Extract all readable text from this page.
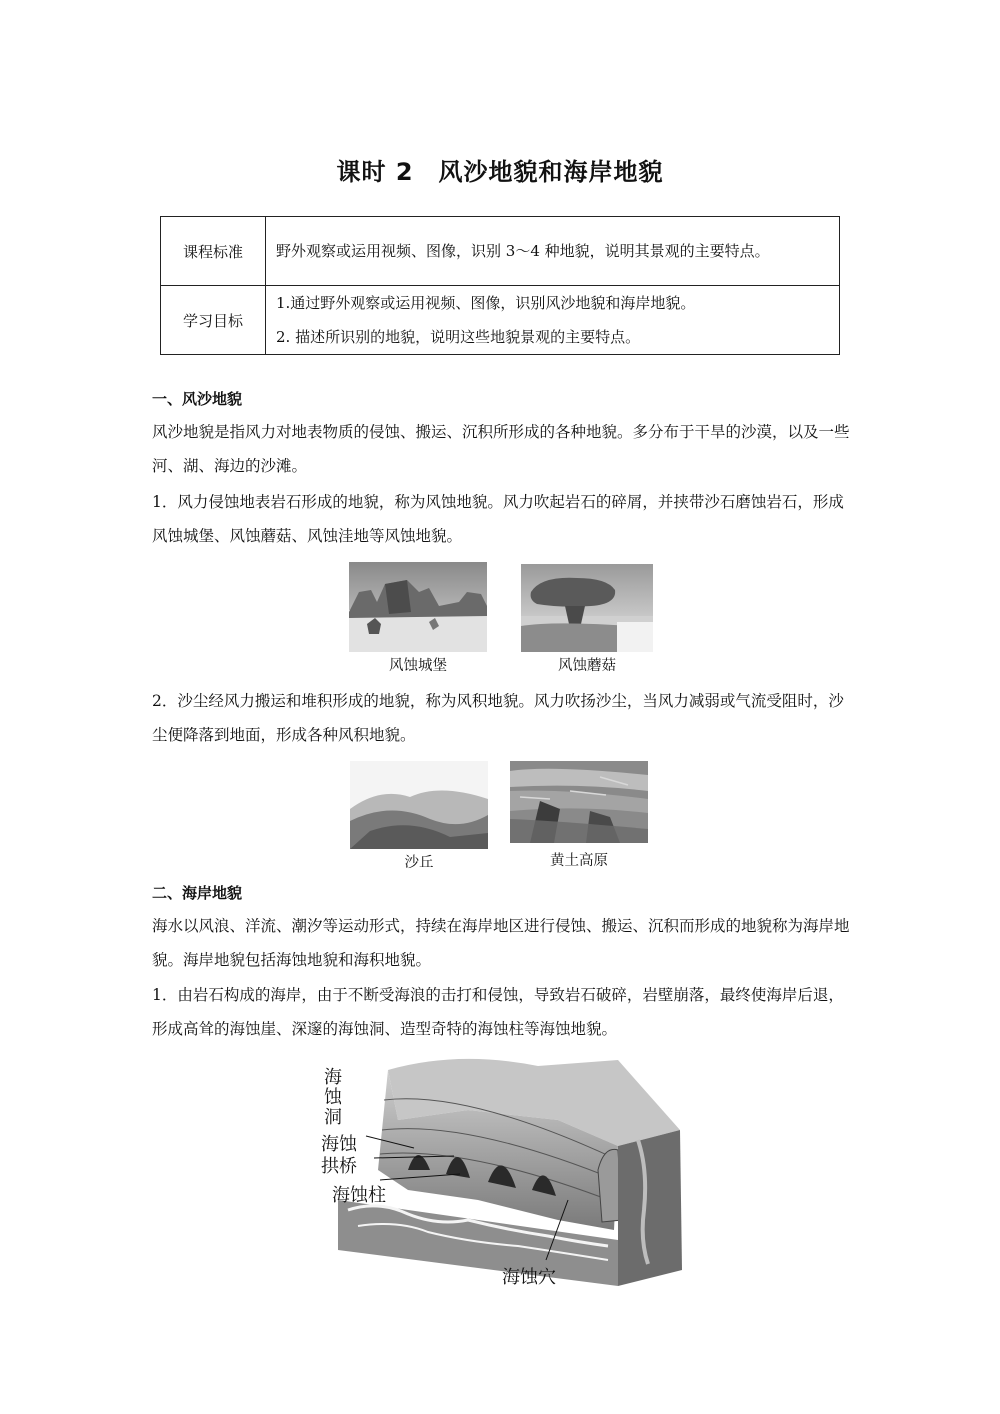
课时 2　风沙地貌和海岸地貌
课程标准	野外观察或运用视频、图像，识别 3～4 种地貌，说明其景观的主要特点。
学习目标	1.通过野外观察或运用视频、图像，识别风沙地貌和海岸地貌。
2. 描述所识别的地貌，说明这些地貌景观的主要特点。
一、风沙地貌
风沙地貌是指风力对地表物质的侵蚀、搬运、沉积所形成的各种地貌。多分布于干旱的沙漠，以及一些河、湖、海边的沙滩。
1．风力侵蚀地表岩石形成的地貌，称为风蚀地貌。风力吹起岩石的碎屑，并挟带沙石磨蚀岩石，形成风蚀城堡、风蚀蘑菇、风蚀洼地等风蚀地貌。
风蚀城堡	风蚀蘑菇
2．沙尘经风力搬运和堆积形成的地貌，称为风积地貌。风力吹扬沙尘，当风力减弱或气流受阻时，沙尘便降落到地面，形成各种风积地貌。
沙丘	黄土高原
二、海岸地貌
海水以风浪、洋流、潮汐等运动形式，持续在海岸地区进行侵蚀、搬运、沉积而形成的地貌称为海岸地貌。海岸地貌包括海蚀地貌和海积地貌。
1．由岩石构成的海岸，由于不断受海浪的击打和侵蚀，导致岩石破碎，岩壁崩落，最终使海岸后退，形成高耸的海蚀崖、深邃的海蚀洞、造型奇特的海蚀柱等海蚀地貌。
海
蚀
洞
海蚀
拱桥
海蚀柱
海蚀穴
